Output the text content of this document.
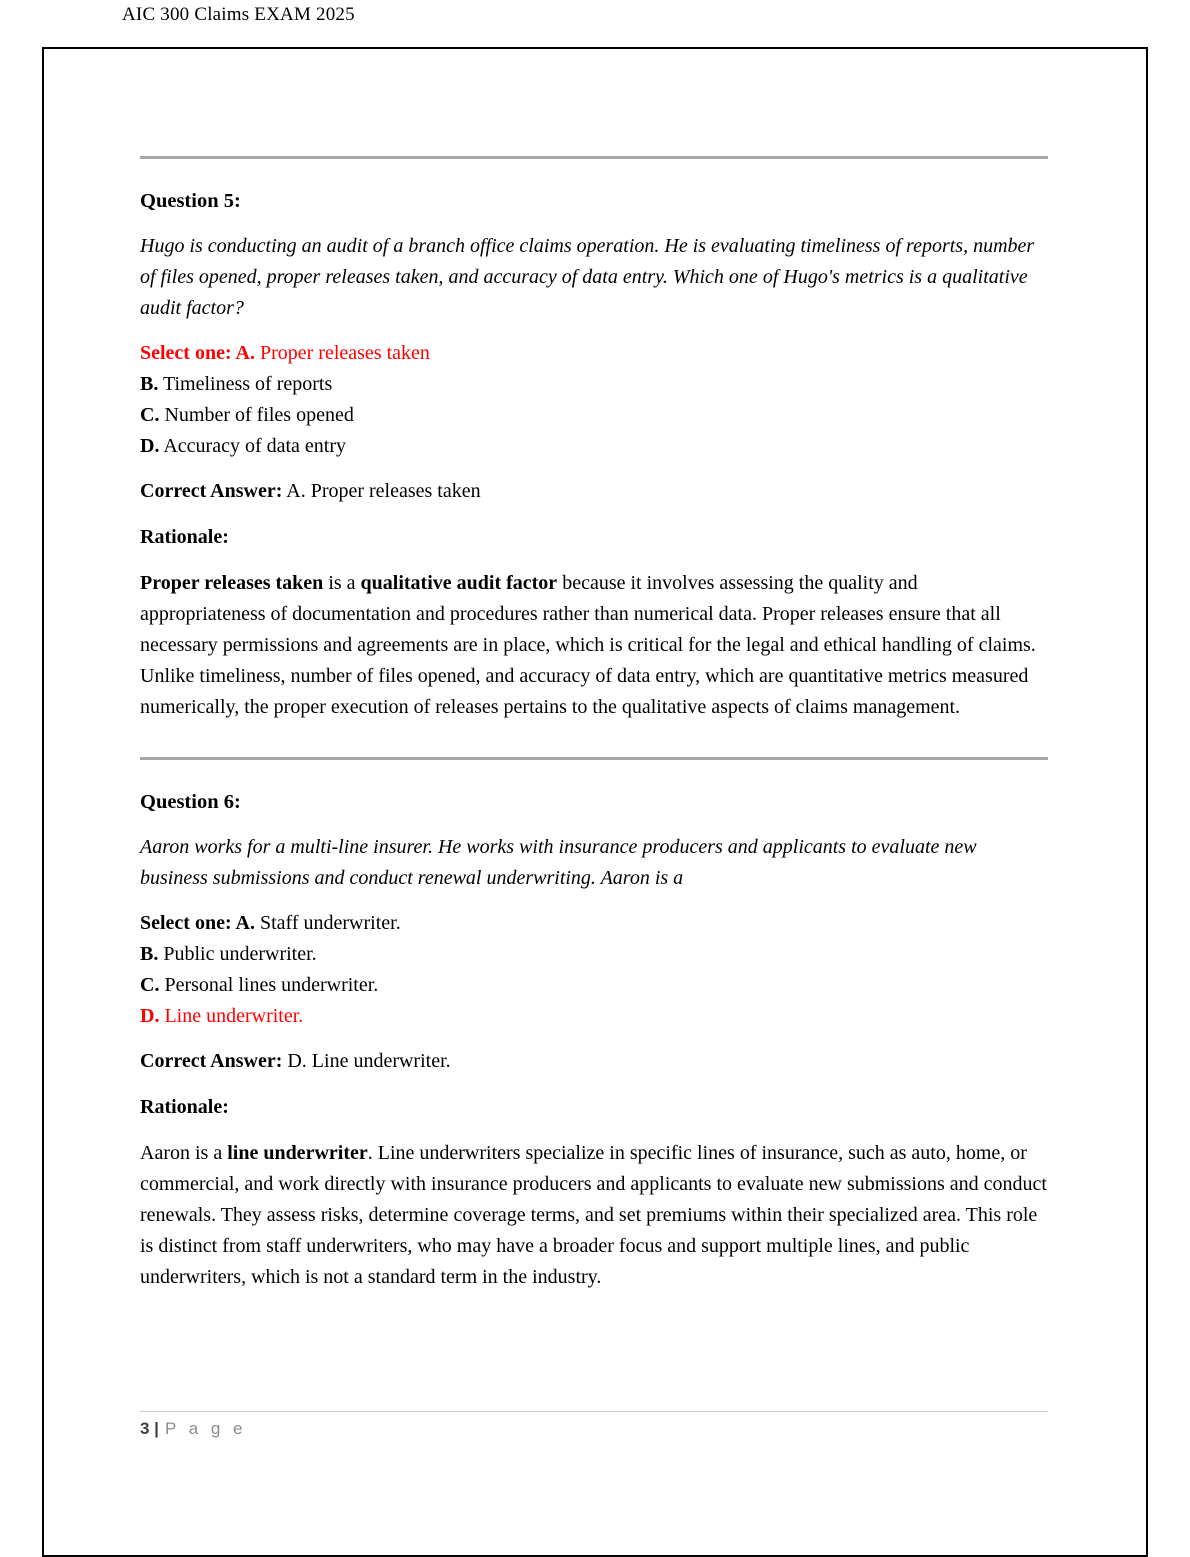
AIC 300 Claims EXAM 2025

Question 5:

Hugo is conducting an audit of a branch office claims operation. He is evaluating timeliness of reports, number of files opened, proper releases taken, and accuracy of data entry. Which one of Hugo's metrics is a qualitative audit factor?

Select one: A. Proper releases taken
B. Timeliness of reports
C. Number of files opened
D. Accuracy of data entry

Correct Answer: A. Proper releases taken

Rationale:

Proper releases taken is a qualitative audit factor because it involves assessing the quality and appropriateness of documentation and procedures rather than numerical data. Proper releases ensure that all necessary permissions and agreements are in place, which is critical for the legal and ethical handling of claims. Unlike timeliness, number of files opened, and accuracy of data entry, which are quantitative metrics measured numerically, the proper execution of releases pertains to the qualitative aspects of claims management.

Question 6:

Aaron works for a multi-line insurer. He works with insurance producers and applicants to evaluate new business submissions and conduct renewal underwriting. Aaron is a

Select one: A. Staff underwriter.
B. Public underwriter.
C. Personal lines underwriter.
D. Line underwriter.

Correct Answer: D. Line underwriter.

Rationale:

Aaron is a line underwriter. Line underwriters specialize in specific lines of insurance, such as auto, home, or commercial, and work directly with insurance producers and applicants to evaluate new submissions and conduct renewals. They assess risks, determine coverage terms, and set premiums within their specialized area. This role is distinct from staff underwriters, who may have a broader focus and support multiple lines, and public underwriters, which is not a standard term in the industry.

3 | P a g e
